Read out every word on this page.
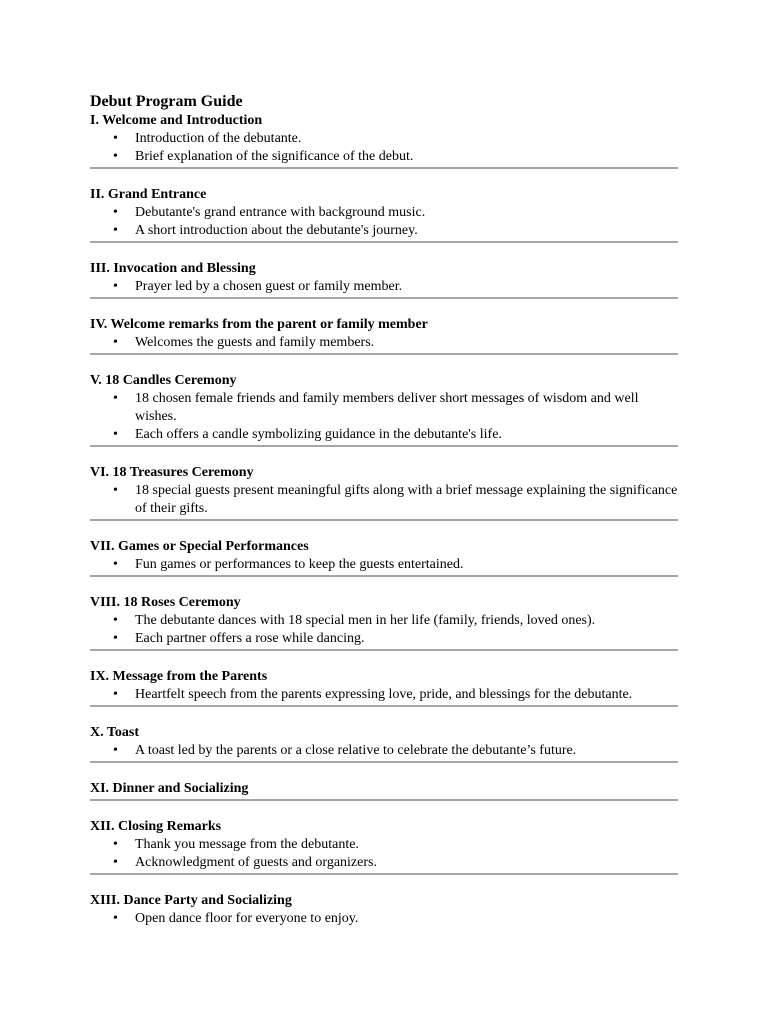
Debut Program Guide
I. Welcome and Introduction
• Introduction of the debutante.
• Brief explanation of the significance of the debut.
II. Grand Entrance
• Debutante's grand entrance with background music.
• A short introduction about the debutante's journey.
III. Invocation and Blessing
• Prayer led by a chosen guest or family member.
IV. Welcome remarks from the parent or family member
• Welcomes the guests and family members.
V. 18 Candles Ceremony
• 18 chosen female friends and family members deliver short messages of wisdom and well wishes.
• Each offers a candle symbolizing guidance in the debutante's life.
VI. 18 Treasures Ceremony
• 18 special guests present meaningful gifts along with a brief message explaining the significance of their gifts.
VII. Games or Special Performances
• Fun games or performances to keep the guests entertained.
VIII. 18 Roses Ceremony
• The debutante dances with 18 special men in her life (family, friends, loved ones).
• Each partner offers a rose while dancing.
IX. Message from the Parents
• Heartfelt speech from the parents expressing love, pride, and blessings for the debutante.
X. Toast
• A toast led by the parents or a close relative to celebrate the debutante’s future.
XI. Dinner and Socializing
XII. Closing Remarks
• Thank you message from the debutante.
• Acknowledgment of guests and organizers.
XIII. Dance Party and Socializing
• Open dance floor for everyone to enjoy.
